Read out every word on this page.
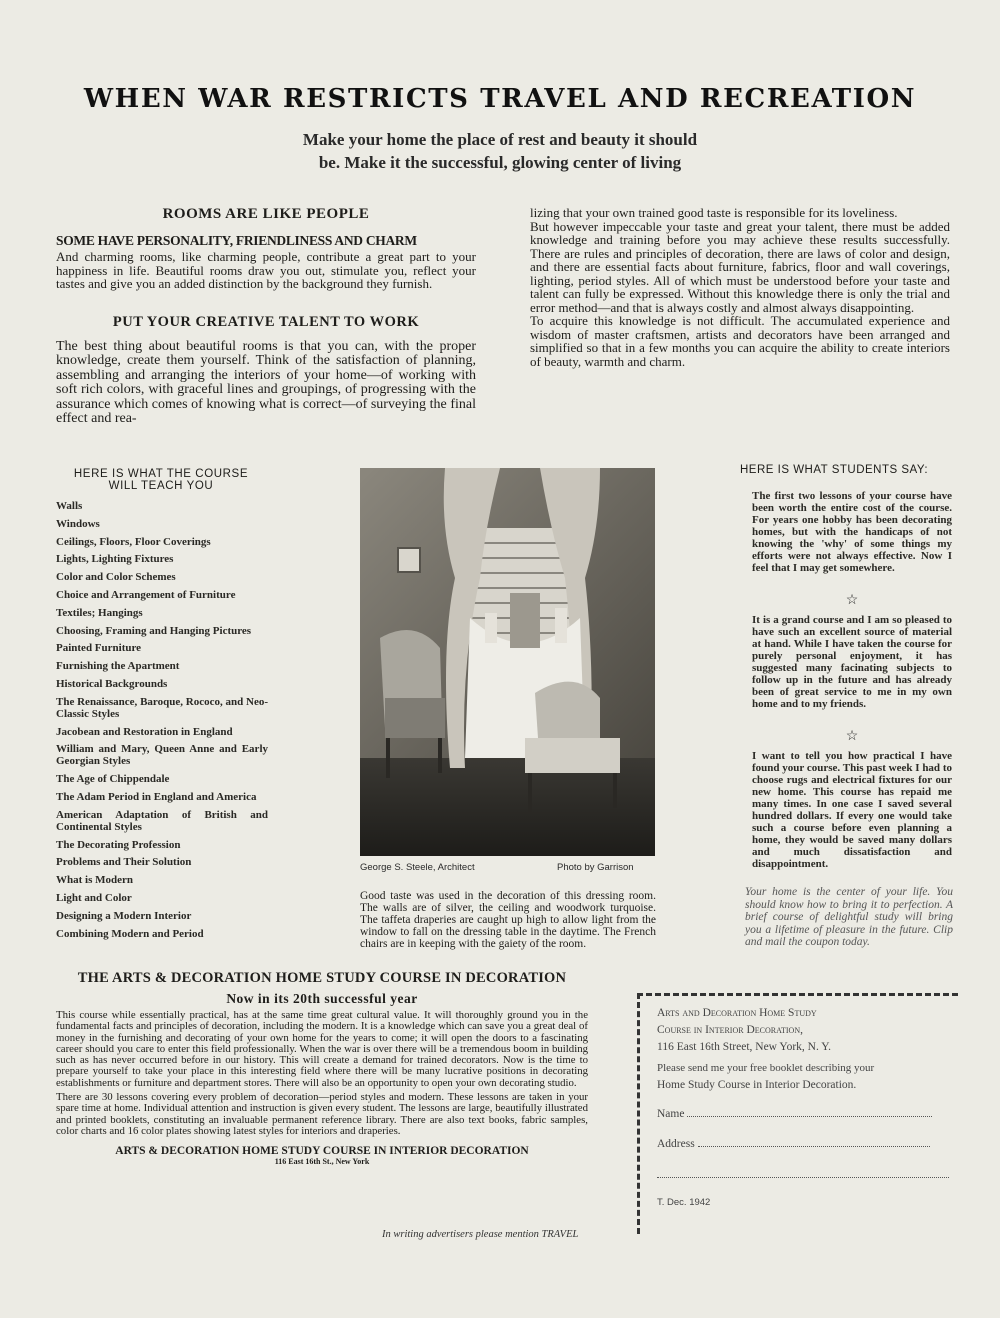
WHEN WAR RESTRICTS TRAVEL AND RECREATION
Make your home the place of rest and beauty it should
be. Make it the successful, glowing center of living
ROOMS ARE LIKE PEOPLE
SOME HAVE PERSONALITY, FRIENDLINESS AND CHARM
And charming rooms, like charming people, contribute a great part to your happiness in life. Beautiful rooms draw you out, stimulate you, reflect your tastes and give you an added distinction by the background they furnish.
PUT YOUR CREATIVE TALENT TO WORK
The best thing about beautiful rooms is that you can, with the proper knowledge, create them yourself. Think of the satisfaction of planning, assembling and arranging the interiors of your home—of working with soft rich colors, with graceful lines and groupings, of progressing with the assurance which comes of knowing what is correct—of surveying the final effect and rea-
lizing that your own trained good taste is responsible for its loveliness.
But however impeccable your taste and great your talent, there must be added knowledge and training before you may achieve these results successfully. There are rules and principles of decoration, there are laws of color and design, and there are essential facts about furniture, fabrics, floor and wall coverings, lighting, period styles. All of which must be understood before your taste and talent can fully be expressed. Without this knowledge there is only the trial and error method—and that is always costly and almost always disappointing.
To acquire this knowledge is not difficult. The accumulated experience and wisdom of master craftsmen, artists and decorators have been arranged and simplified so that in a few months you can acquire the ability to create interiors of beauty, warmth and charm.
HERE IS WHAT THE COURSE
WILL TEACH YOU
Walls
Windows
Ceilings, Floors, Floor Coverings
Lights, Lighting Fixtures
Color and Color Schemes
Choice and Arrangement of Furniture
Textiles; Hangings
Choosing, Framing and Hanging Pictures
Painted Furniture
Furnishing the Apartment
Historical Backgrounds
The Renaissance, Baroque, Rococo, and Neo-Classic Styles
Jacobean and Restoration in England
William and Mary, Queen Anne and Early Georgian Styles
The Age of Chippendale
The Adam Period in England and America
American Adaptation of British and Continental Styles
The Decorating Profession
Problems and Their Solution
What is Modern
Light and Color
Designing a Modern Interior
Combining Modern and Period
George S. Steele, Architect	Photo by Garrison
Good taste was used in the decoration of this dressing room. The walls are of silver, the ceiling and woodwork turquoise. The taffeta draperies are caught up high to allow light from the window to fall on the dressing table in the daytime. The French chairs are in keeping with the gaiety of the room.
HERE IS WHAT STUDENTS SAY:
The first two lessons of your course have been worth the entire cost of the course. For years one hobby has been decorating homes, but with the handicaps of not knowing the 'why' of some things my efforts were not always effective. Now I feel that I may get somewhere.
☆
It is a grand course and I am so pleased to have such an excellent source of material at hand. While I have taken the course for purely personal enjoyment, it has suggested many facinating subjects to follow up in the future and has already been of great service to me in my own home and to my friends.
☆
I want to tell you how practical I have found your course. This past week I had to choose rugs and electrical fixtures for our new home. This course has repaid me many times. In one case I saved several hundred dollars. If every one would take such a course before even planning a home, they would be saved many dollars and much dissatisfaction and disappointment.
Your home is the center of your life. You should know how to bring it to perfection. A brief course of delightful study will bring you a lifetime of pleasure in the future. Clip and mail the coupon today.
THE ARTS & DECORATION HOME STUDY COURSE IN DECORATION
Now in its 20th successful year
This course while essentially practical, has at the same time great cultural value. It will thoroughly ground you in the fundamental facts and principles of decoration, including the modern. It is a knowledge which can save you a great deal of money in the furnishing and decorating of your own home for the years to come; it will open the doors to a fascinating career should you care to enter this field professionally. When the war is over there will be a tremendous boom in building such as has never occurred before in our history. This will create a demand for trained decorators. Now is the time to prepare yourself to take your place in this interesting field where there will be many lucrative positions in decorating establishments or furniture and department stores. There will also be an opportunity to open your own decorating studio.
There are 30 lessons covering every problem of decoration—period styles and modern. These lessons are taken in your spare time at home. Individual attention and instruction is given every student. The lessons are large, beautifully illustrated and printed booklets, constituting an invaluable permanent reference library. There are also text books, fabric samples, color charts and 16 color plates showing latest styles for interiors and draperies.
ARTS & DECORATION HOME STUDY COURSE IN INTERIOR DECORATION
116 East 16th St., New York
In writing advertisers please mention TRAVEL
Arts and Decoration Home Study
Course in Interior Decoration,
116 East 16th Street, New York, N. Y.
Please send me your free booklet describing your
Home Study Course in Interior Decoration.
Name
Address
T. Dec. 1942
